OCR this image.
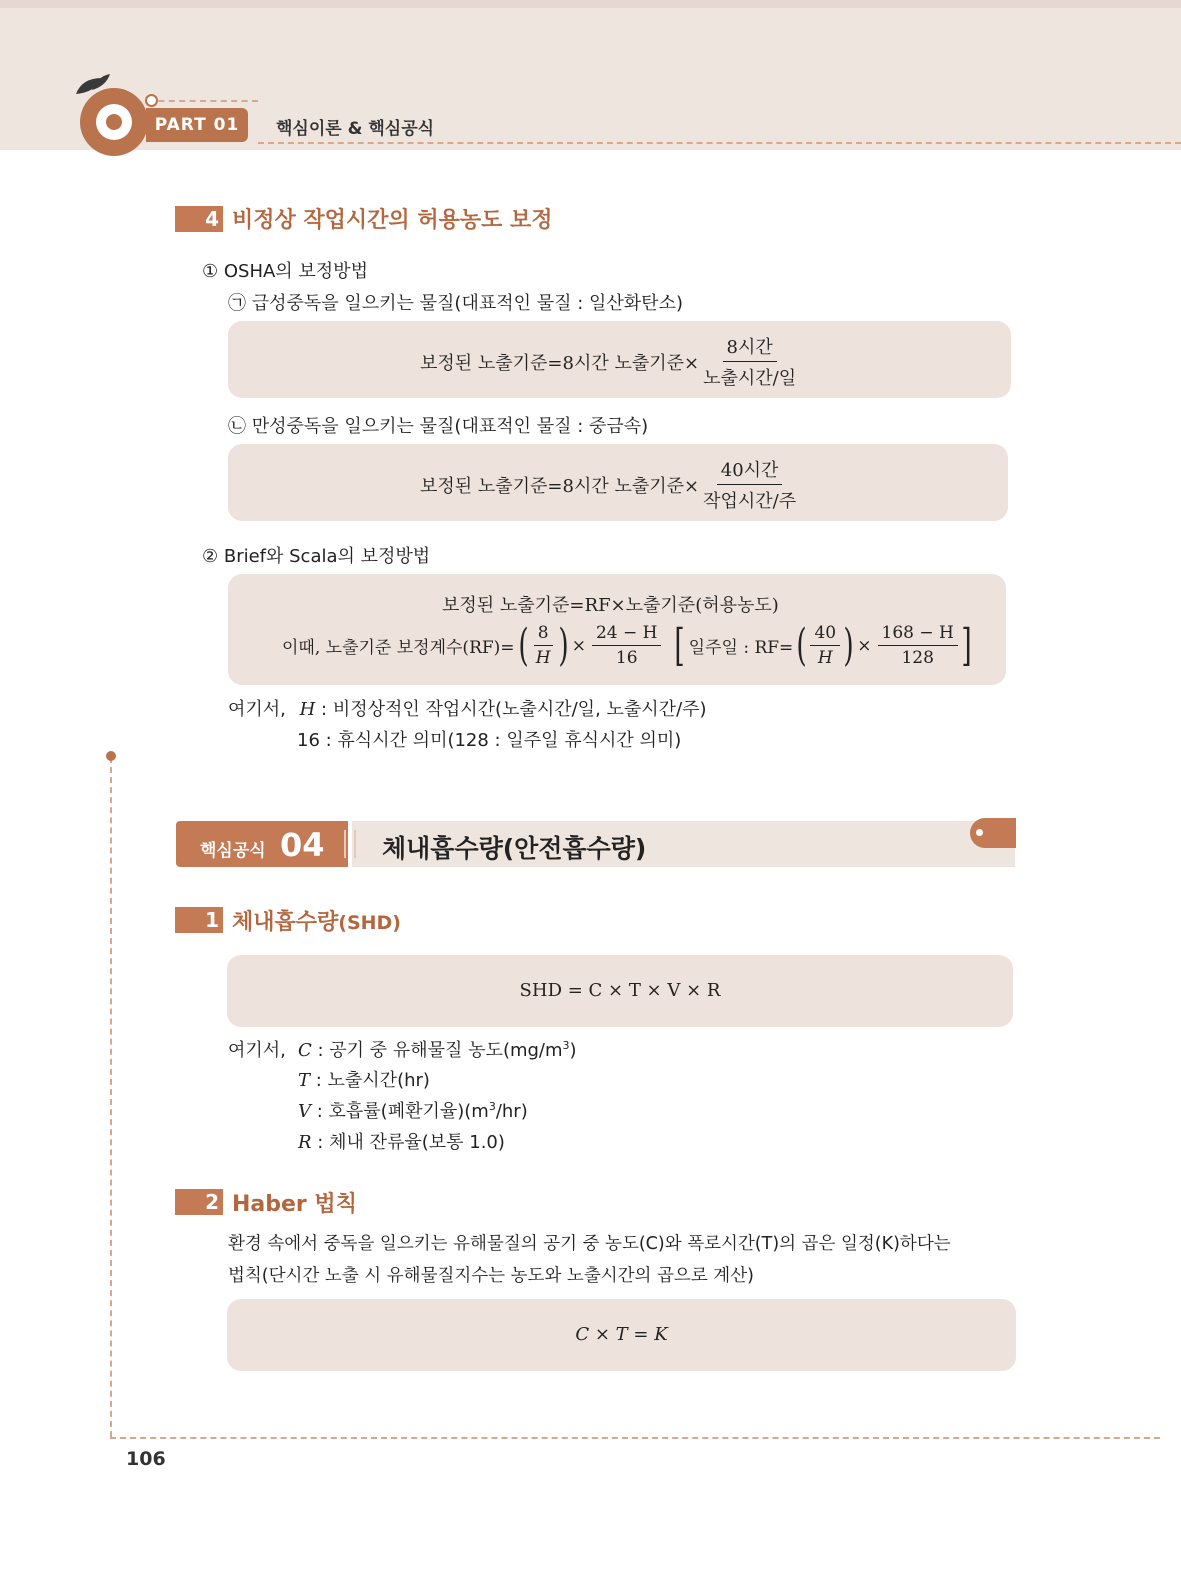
PART 01	핵심이론 & 핵심공식
4 비정상 작업시간의 허용농도 보정
① OSHA의 보정방법
㉠ 급성중독을 일으키는 물질(대표적인 물질 : 일산화탄소)
보정된 노출기준=8시간 노출기준× $\frac{\text{8시간}}{\text{노출시간/일}}$
㉡ 만성중독을 일으키는 물질(대표적인 물질 : 중금속)
보정된 노출기준=8시간 노출기준× $\frac{\text{40시간}}{\text{작업시간/주}}$
② Brief와 Scala의 보정방법
보정된 노출기준=RF×노출기준(허용농도)
이때, 노출기준 보정계수(RF)= ( $\frac{8}{H}$ ) × $\frac{24 - H}{16}$ [ 일주일 : RF= ( $\frac{40}{H}$ ) × $\frac{168 - H}{128}$ ]
여기서, H : 비정상적인 작업시간(노출시간/일, 노출시간/주)
16 : 휴식시간 의미(128 : 일주일 휴식시간 의미)
핵심공식 04 체내흡수량(안전흡수량)
1 체내흡수량(SHD)
SHD = C × T × V × R
여기서, C : 공기 중 유해물질 농도$(mg/m^3)$
T : 노출시간(hr)
V : 호흡률(폐환기율)$(m^3/hr)$
R : 체내 잔류율(보통 1.0)
2 Haber 법칙
환경 속에서 중독을 일으키는 유해물질의 공기 중 농도(C)와 폭로시간(T)의 곱은 일정(K)하다는
법칙(단시간 노출 시 유해물질지수는 농도와 노출시간의 곱으로 계산)
C × T = K
106
